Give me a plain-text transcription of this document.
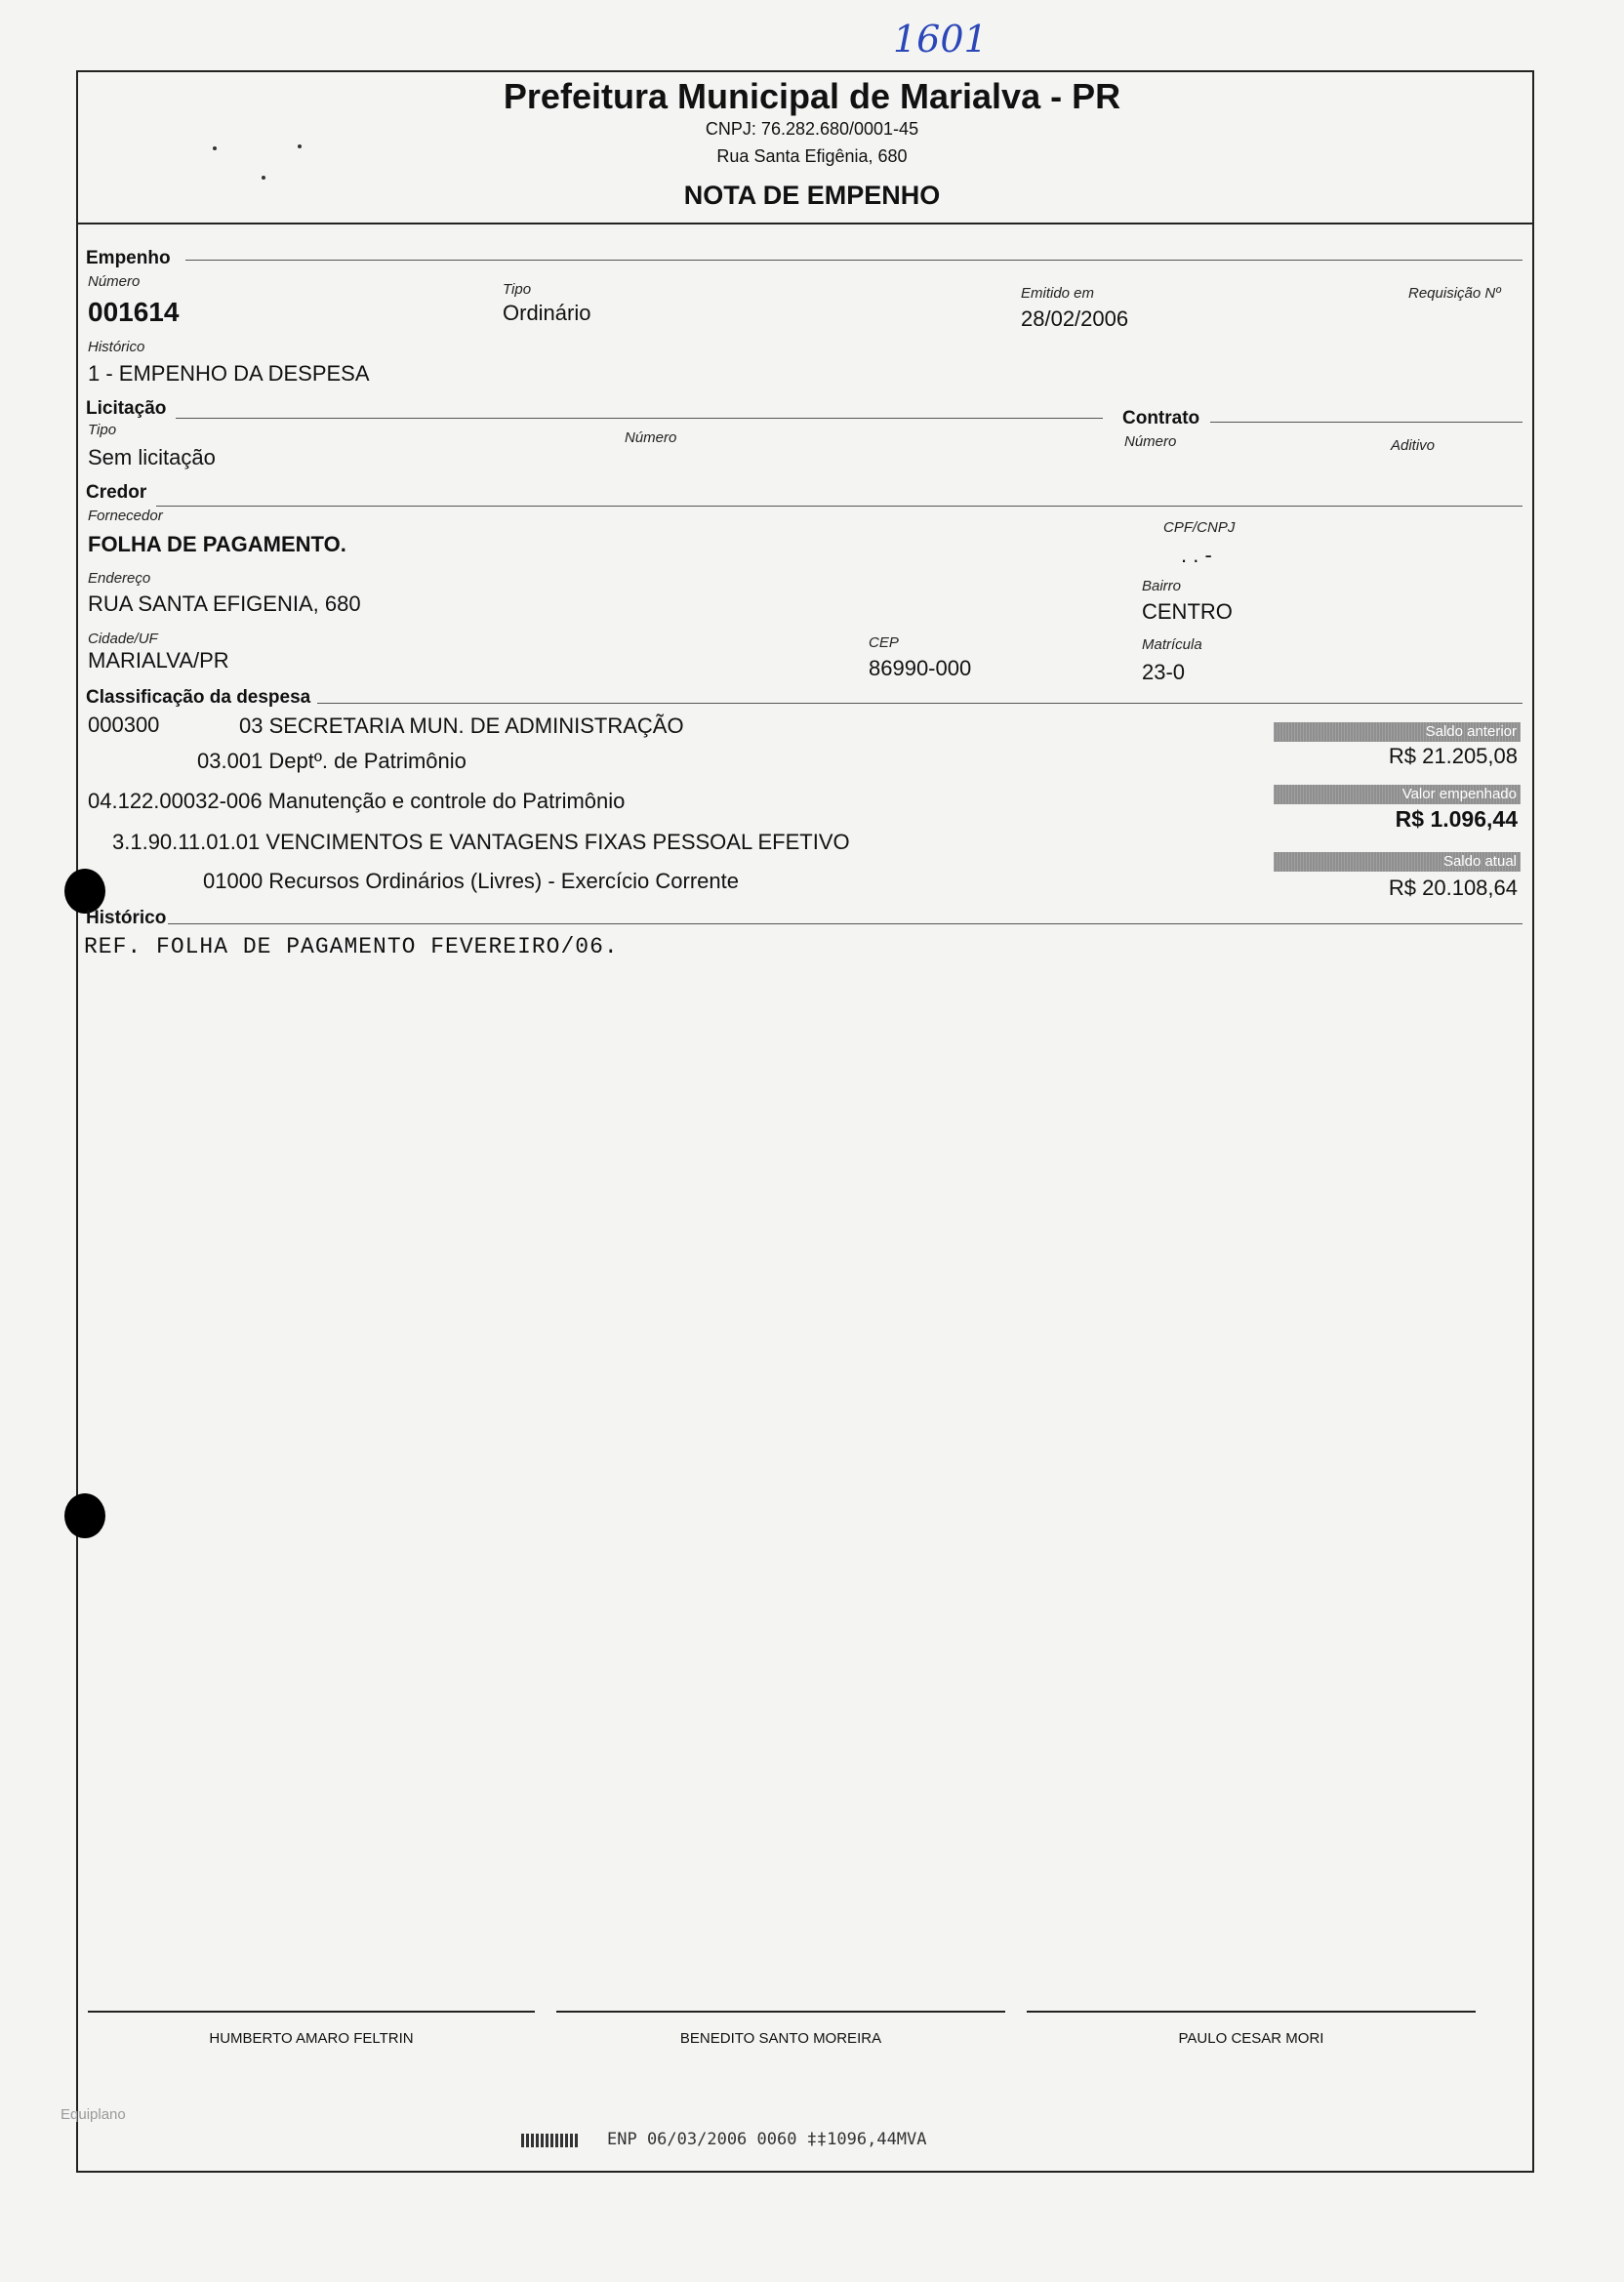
1601
Prefeitura Municipal de Marialva - PR
CNPJ: 76.282.680/0001-45
Rua Santa Efigênia, 680
NOTA DE EMPENHO
Empenho
Número
001614
Tipo
Ordinário
Emitido em
28/02/2006
Requisição Nº
Histórico
1 - EMPENHO DA DESPESA
Licitação
Tipo
Sem licitação
Número
Contrato
Número	Aditivo
Credor
Fornecedor
FOLHA DE PAGAMENTO.
CPF/CNPJ
. . -
Endereço
RUA SANTA EFIGENIA, 680
Bairro
CENTRO
Cidade/UF
MARIALVA/PR
CEP
86990-000
Matrícula
23-0
Classificação da despesa
000300	03 SECRETARIA MUN. DE ADMINISTRAÇÃO
03.001 Deptº. de Patrimônio
04.122.00032-006 Manutenção e controle do Patrimônio
3.1.90.11.01.01 VENCIMENTOS E VANTAGENS FIXAS PESSOAL EFETIVO
01000 Recursos Ordinários (Livres) - Exercício Corrente
Saldo anterior
R$ 21.205,08
Valor empenhado
R$ 1.096,44
Saldo atual
R$ 20.108,64
Histórico
REF. FOLHA DE PAGAMENTO FEVEREIRO/06.
HUMBERTO AMARO FELTRIN	BENEDITO SANTO MOREIRA	PAULO CESAR MORI
Equiplano
ENP 06/03/2006 0060 ‡‡1096,44MVA
